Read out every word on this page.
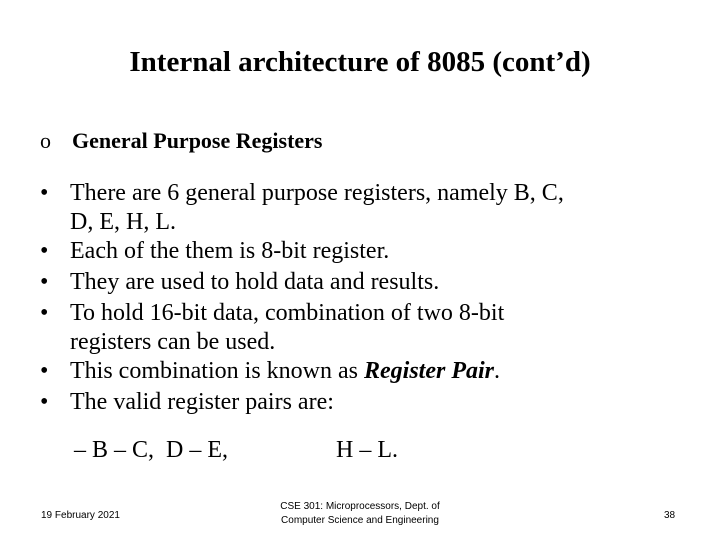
Internal architecture of 8085 (cont’d)
o General Purpose Registers
• There are 6 general purpose registers, namely B, C,
D, E, H, L.
• Each of the them is 8-bit register.
• They are used to hold data and results.
• To hold 16-bit data, combination of two 8-bit
registers can be used.
• This combination is known as Register Pair.
• The valid register pairs are:
– B – C, D – E,	H – L.
19 February 2021
CSE 301: Microprocessors, Dept. of
Computer Science and Engineering	38
